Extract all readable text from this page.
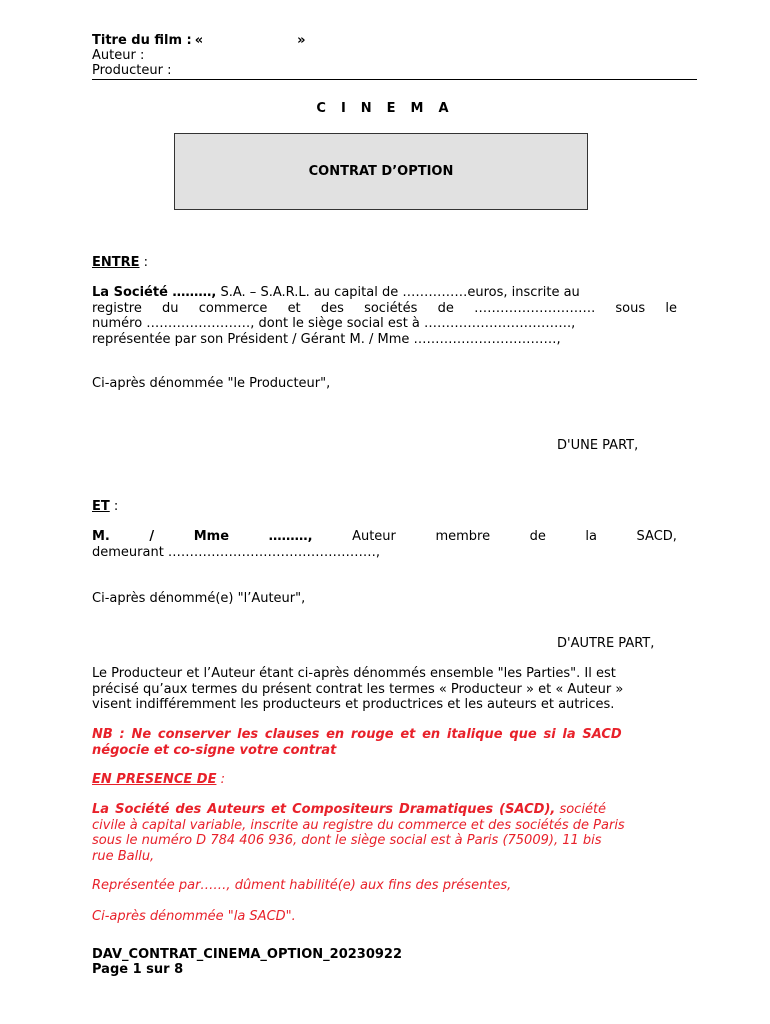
Titre du film : «	»
Auteur :
Producteur :
CINEMA
CONTRAT D’OPTION
ENTRE :
La Société ………, S.A. – S.A.R.L. au capital de ……………euros, inscrite au
registre du commerce et des sociétés de ………………………. sous le
numéro ……………………, dont le siège social est à …………………………….,
représentée par son Président / Gérant M. / Mme ……………………………,
Ci-après dénommée "le Producteur",
D'UNE PART,
ET :
M.	/	Mme	………,	Auteur	membre	de	la	SACD,
demeurant …………………………………………,
Ci-après dénommé(e) "l’Auteur",
D'AUTRE PART,
Le Producteur et l’Auteur étant ci-après dénommés ensemble "les Parties". Il est
précisé qu’aux termes du présent contrat les termes « Producteur » et « Auteur »
visent indifféremment les producteurs et productrices et les auteurs et autrices.
NB : Ne conserver les clauses en rouge et en italique que si la SACD
négocie et co-signe votre contrat
EN PRESENCE DE :
La Société des Auteurs et Compositeurs Dramatiques (SACD), société
civile à capital variable, inscrite au registre du commerce et des sociétés de Paris
sous le numéro D 784 406 936, dont le siège social est à Paris (75009), 11 bis
rue Ballu,
Représentée par……, dûment habilité(e) aux fins des présentes,
Ci-après dénommée "la SACD".
DAV_CONTRAT_CINEMA_OPTION_20230922
Page 1 sur 8
